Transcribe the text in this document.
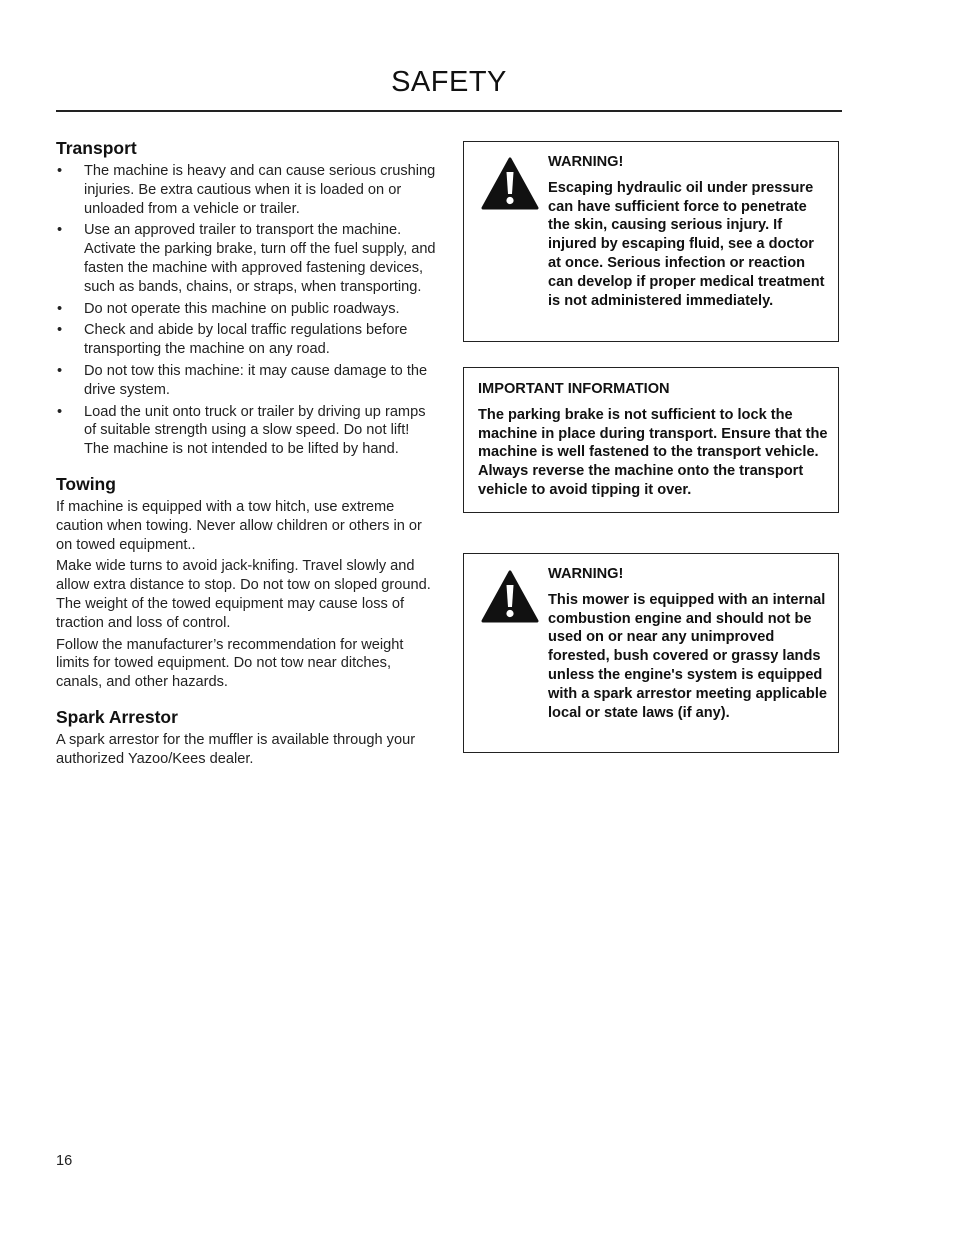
SAFETY
Transport
• The machine is heavy and can cause serious crushing injuries. Be extra cautious when it is loaded on or unloaded from a vehicle or trailer.
• Use an approved trailer to transport the machine. Activate the parking brake, turn off the fuel supply, and fasten the machine with approved fastening devices, such as bands, chains, or straps, when transporting.
• Do not operate this machine on public roadways.
• Check and abide by local traffic regulations before transporting the machine on any road.
• Do not tow this machine: it may cause damage to the drive system.
• Load the unit onto truck or trailer by driving up ramps of suitable strength using a slow speed. Do not lift! The machine is not intended to be lifted by hand.
Towing

If machine is equipped with a tow hitch, use extreme caution when towing. Never allow children or others in or on towed equipment..

Make wide turns to avoid jack-knifing. Travel slowly and allow extra distance to stop. Do not tow on sloped ground. The weight of the towed equipment may cause loss of traction and loss of control.

Follow the manufacturer’s recommendation for weight limits for towed equipment. Do not tow near ditches, canals, and other hazards.

Spark Arrestor

A spark arrestor for the muffler is available through your authorized Yazoo/Kees dealer.

WARNING!

Escaping hydraulic oil under pressure can have sufficient force to penetrate the skin, causing serious injury. If injured by escaping fluid, see a doctor at once. Serious infection or reaction can develop if proper medical treatment is not administered immediately.

IMPORTANT INFORMATION

The parking brake is not sufficient to lock the machine in place during transport. Ensure that the machine is well fastened to the transport vehicle. Always reverse the machine onto the transport vehicle to avoid tipping it over.

WARNING!

This mower is equipped with an internal combustion engine and should not be used on or near any unimproved forested, bush covered or grassy lands unless the engine's system is equipped with a spark arrestor meeting applicable local or state laws (if any).

16
